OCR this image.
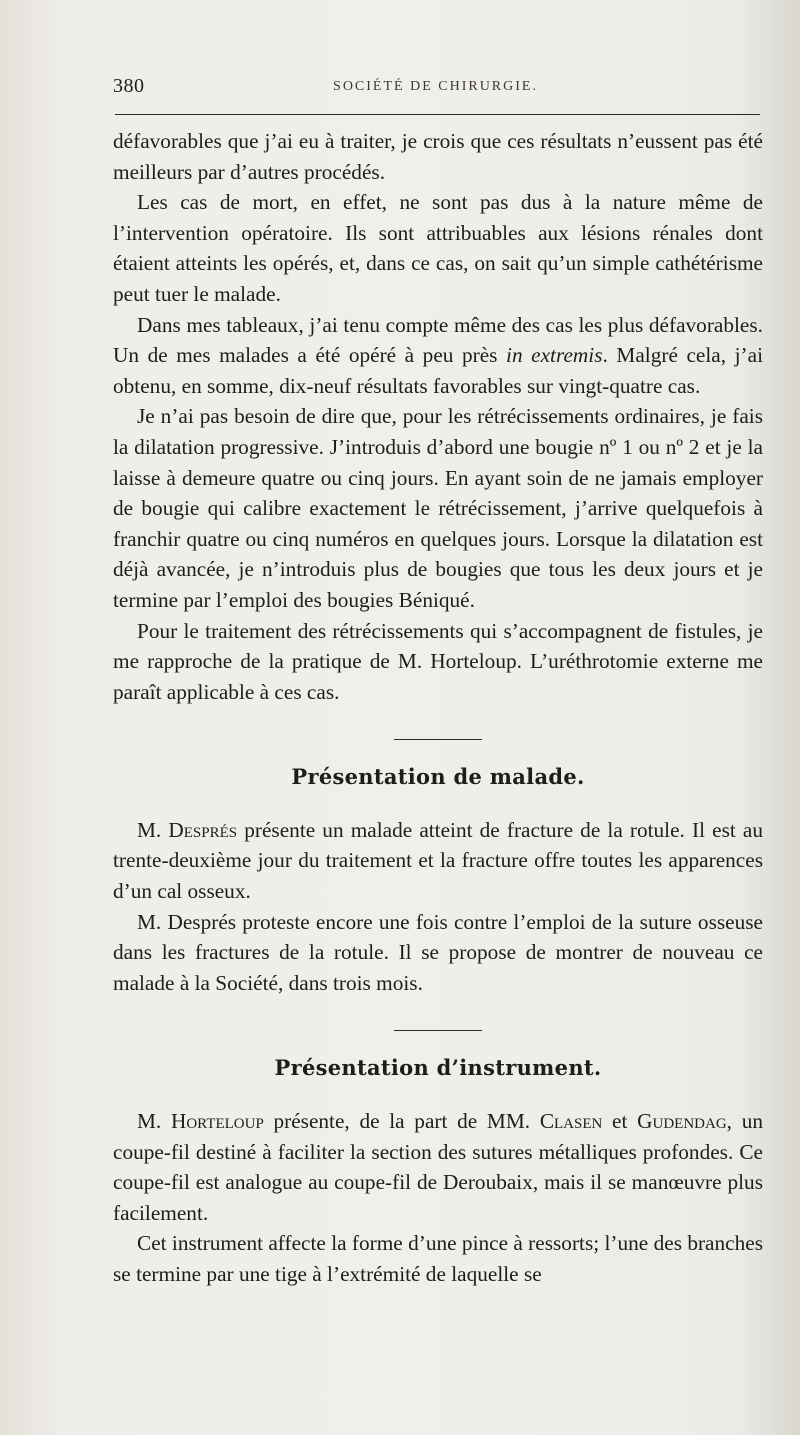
380	SOCIÉTÉ DE CHIRURGIE.

défavorables que j’ai eu à traiter, je crois que ces résultats n’eussent pas été meilleurs par d’autres procédés.

Les cas de mort, en effet, ne sont pas dus à la nature même de l’intervention opératoire. Ils sont attribuables aux lésions rénales dont étaient atteints les opérés, et, dans ce cas, on sait qu’un simple cathétérisme peut tuer le malade.

Dans mes tableaux, j’ai tenu compte même des cas les plus défavorables. Un de mes malades a été opéré à peu près in extremis. Malgré cela, j’ai obtenu, en somme, dix-neuf résultats favorables sur vingt-quatre cas.

Je n’ai pas besoin de dire que, pour les rétrécissements ordinaires, je fais la dilatation progressive. J’introduis d’abord une bougie nº 1 ou nº 2 et je la laisse à demeure quatre ou cinq jours. En ayant soin de ne jamais employer de bougie qui calibre exactement le rétrécissement, j’arrive quelquefois à franchir quatre ou cinq numéros en quelques jours. Lorsque la dilatation est déjà avancée, je n’introduis plus de bougies que tous les deux jours et je termine par l’emploi des bougies Béniqué.

Pour le traitement des rétrécissements qui s’accompagnent de fistules, je me rapproche de la pratique de M. Horteloup. L’uréthrotomie externe me paraît applicable à ces cas.

Présentation de malade.

M. Després présente un malade atteint de fracture de la rotule. Il est au trente-deuxième jour du traitement et la fracture offre toutes les apparences d’un cal osseux.

M. Després proteste encore une fois contre l’emploi de la suture osseuse dans les fractures de la rotule. Il se propose de montrer de nouveau ce malade à la Société, dans trois mois.

Présentation d’instrument.

M. Horteloup présente, de la part de MM. Clasen et Gudendag, un coupe-fil destiné à faciliter la section des sutures métalliques profondes. Ce coupe-fil est analogue au coupe-fil de Deroubaix, mais il se manœuvre plus facilement.

Cet instrument affecte la forme d’une pince à ressorts; l’une des branches se termine par une tige à l’extrémité de laquelle se
